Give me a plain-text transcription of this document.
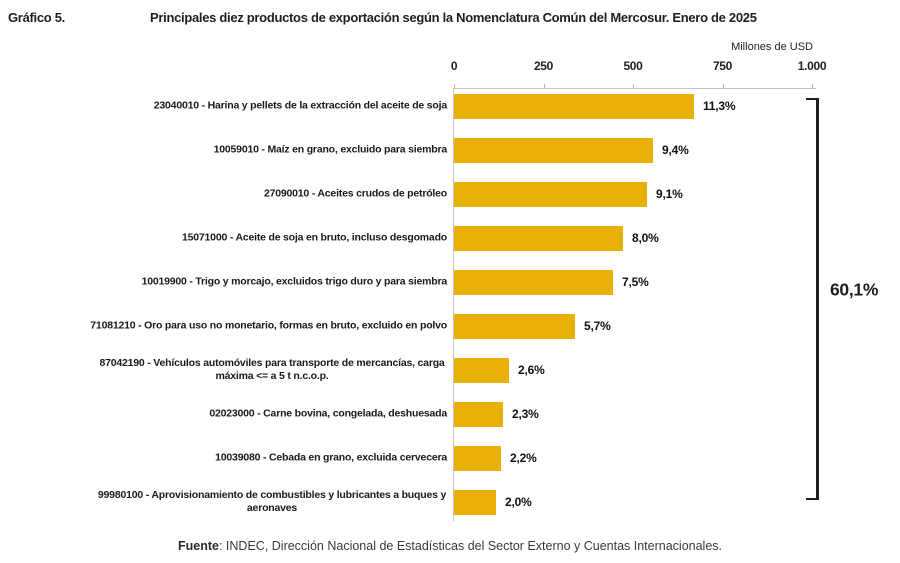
Gráfico 5.	Principales diez productos de exportación según la Nomenclatura Común del Mercosur. Enero de 2025
Millones de USD
0	250	500	750	1.000
23040010 - Harina y pellets de la extracción del aceite de soja	11,3%
10059010 - Maíz en grano, excluido para siembra	9,4%
27090010 - Aceites crudos de petróleo	9,1%
15071000 - Aceite de soja en bruto, incluso desgomado	8,0%
10019900 - Trigo y morcajo, excluidos trigo duro y para siembra	7,5%
71081210 - Oro para uso no monetario, formas en bruto, excluido en polvo	5,7%
87042190 - Vehículos automóviles para transporte de mercancías, carga máxima <= a 5 t n.c.o.p.	2,6%
02023000 - Carne bovina, congelada, deshuesada	2,3%
10039080 - Cebada en grano, excluida cervecera	2,2%
99980100 - Aprovisionamiento de combustibles y lubricantes a buques y aeronaves	2,0%
60,1%
Fuente: INDEC, Dirección Nacional de Estadísticas del Sector Externo y Cuentas Internacionales.
